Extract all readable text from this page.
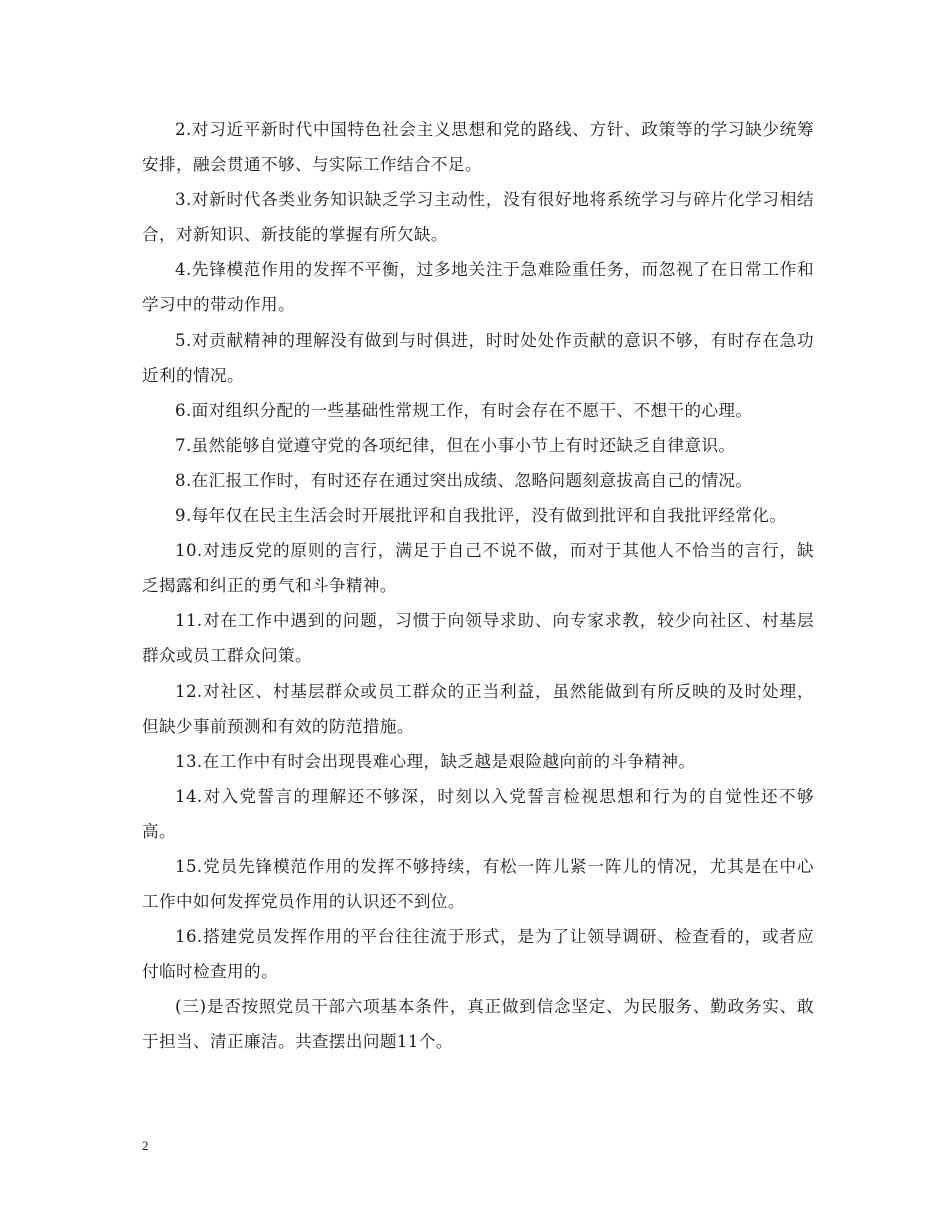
2.对习近平新时代中国特色社会主义思想和党的路线、方针、政策等的学习缺少统筹安排，融会贯通不够、与实际工作结合不足。

3.对新时代各类业务知识缺乏学习主动性，没有很好地将系统学习与碎片化学习相结合，对新知识、新技能的掌握有所欠缺。

4.先锋模范作用的发挥不平衡，过多地关注于急难险重任务，而忽视了在日常工作和学习中的带动作用。

5.对贡献精神的理解没有做到与时俱进，时时处处作贡献的意识不够，有时存在急功近利的情况。

6.面对组织分配的一些基础性常规工作，有时会存在不愿干、不想干的心理。

7.虽然能够自觉遵守党的各项纪律，但在小事小节上有时还缺乏自律意识。

8.在汇报工作时，有时还存在通过突出成绩、忽略问题刻意拔高自己的情况。

9.每年仅在民主生活会时开展批评和自我批评，没有做到批评和自我批评经常化。

10.对违反党的原则的言行，满足于自己不说不做，而对于其他人不恰当的言行，缺乏揭露和纠正的勇气和斗争精神。

11.对在工作中遇到的问题，习惯于向领导求助、向专家求教，较少向社区、村基层群众或员工群众问策。

12.对社区、村基层群众或员工群众的正当利益，虽然能做到有所反映的及时处理，但缺少事前预测和有效的防范措施。

13.在工作中有时会出现畏难心理，缺乏越是艰险越向前的斗争精神。

14.对入党誓言的理解还不够深，时刻以入党誓言检视思想和行为的自觉性还不够高。

15.党员先锋模范作用的发挥不够持续，有松一阵儿紧一阵儿的情况，尤其是在中心工作中如何发挥党员作用的认识还不到位。

16.搭建党员发挥作用的平台往往流于形式，是为了让领导调研、检查看的，或者应付临时检查用的。

(三)是否按照党员干部六项基本条件，真正做到信念坚定、为民服务、勤政务实、敢于担当、清正廉洁。共查摆出问题11个。

2
